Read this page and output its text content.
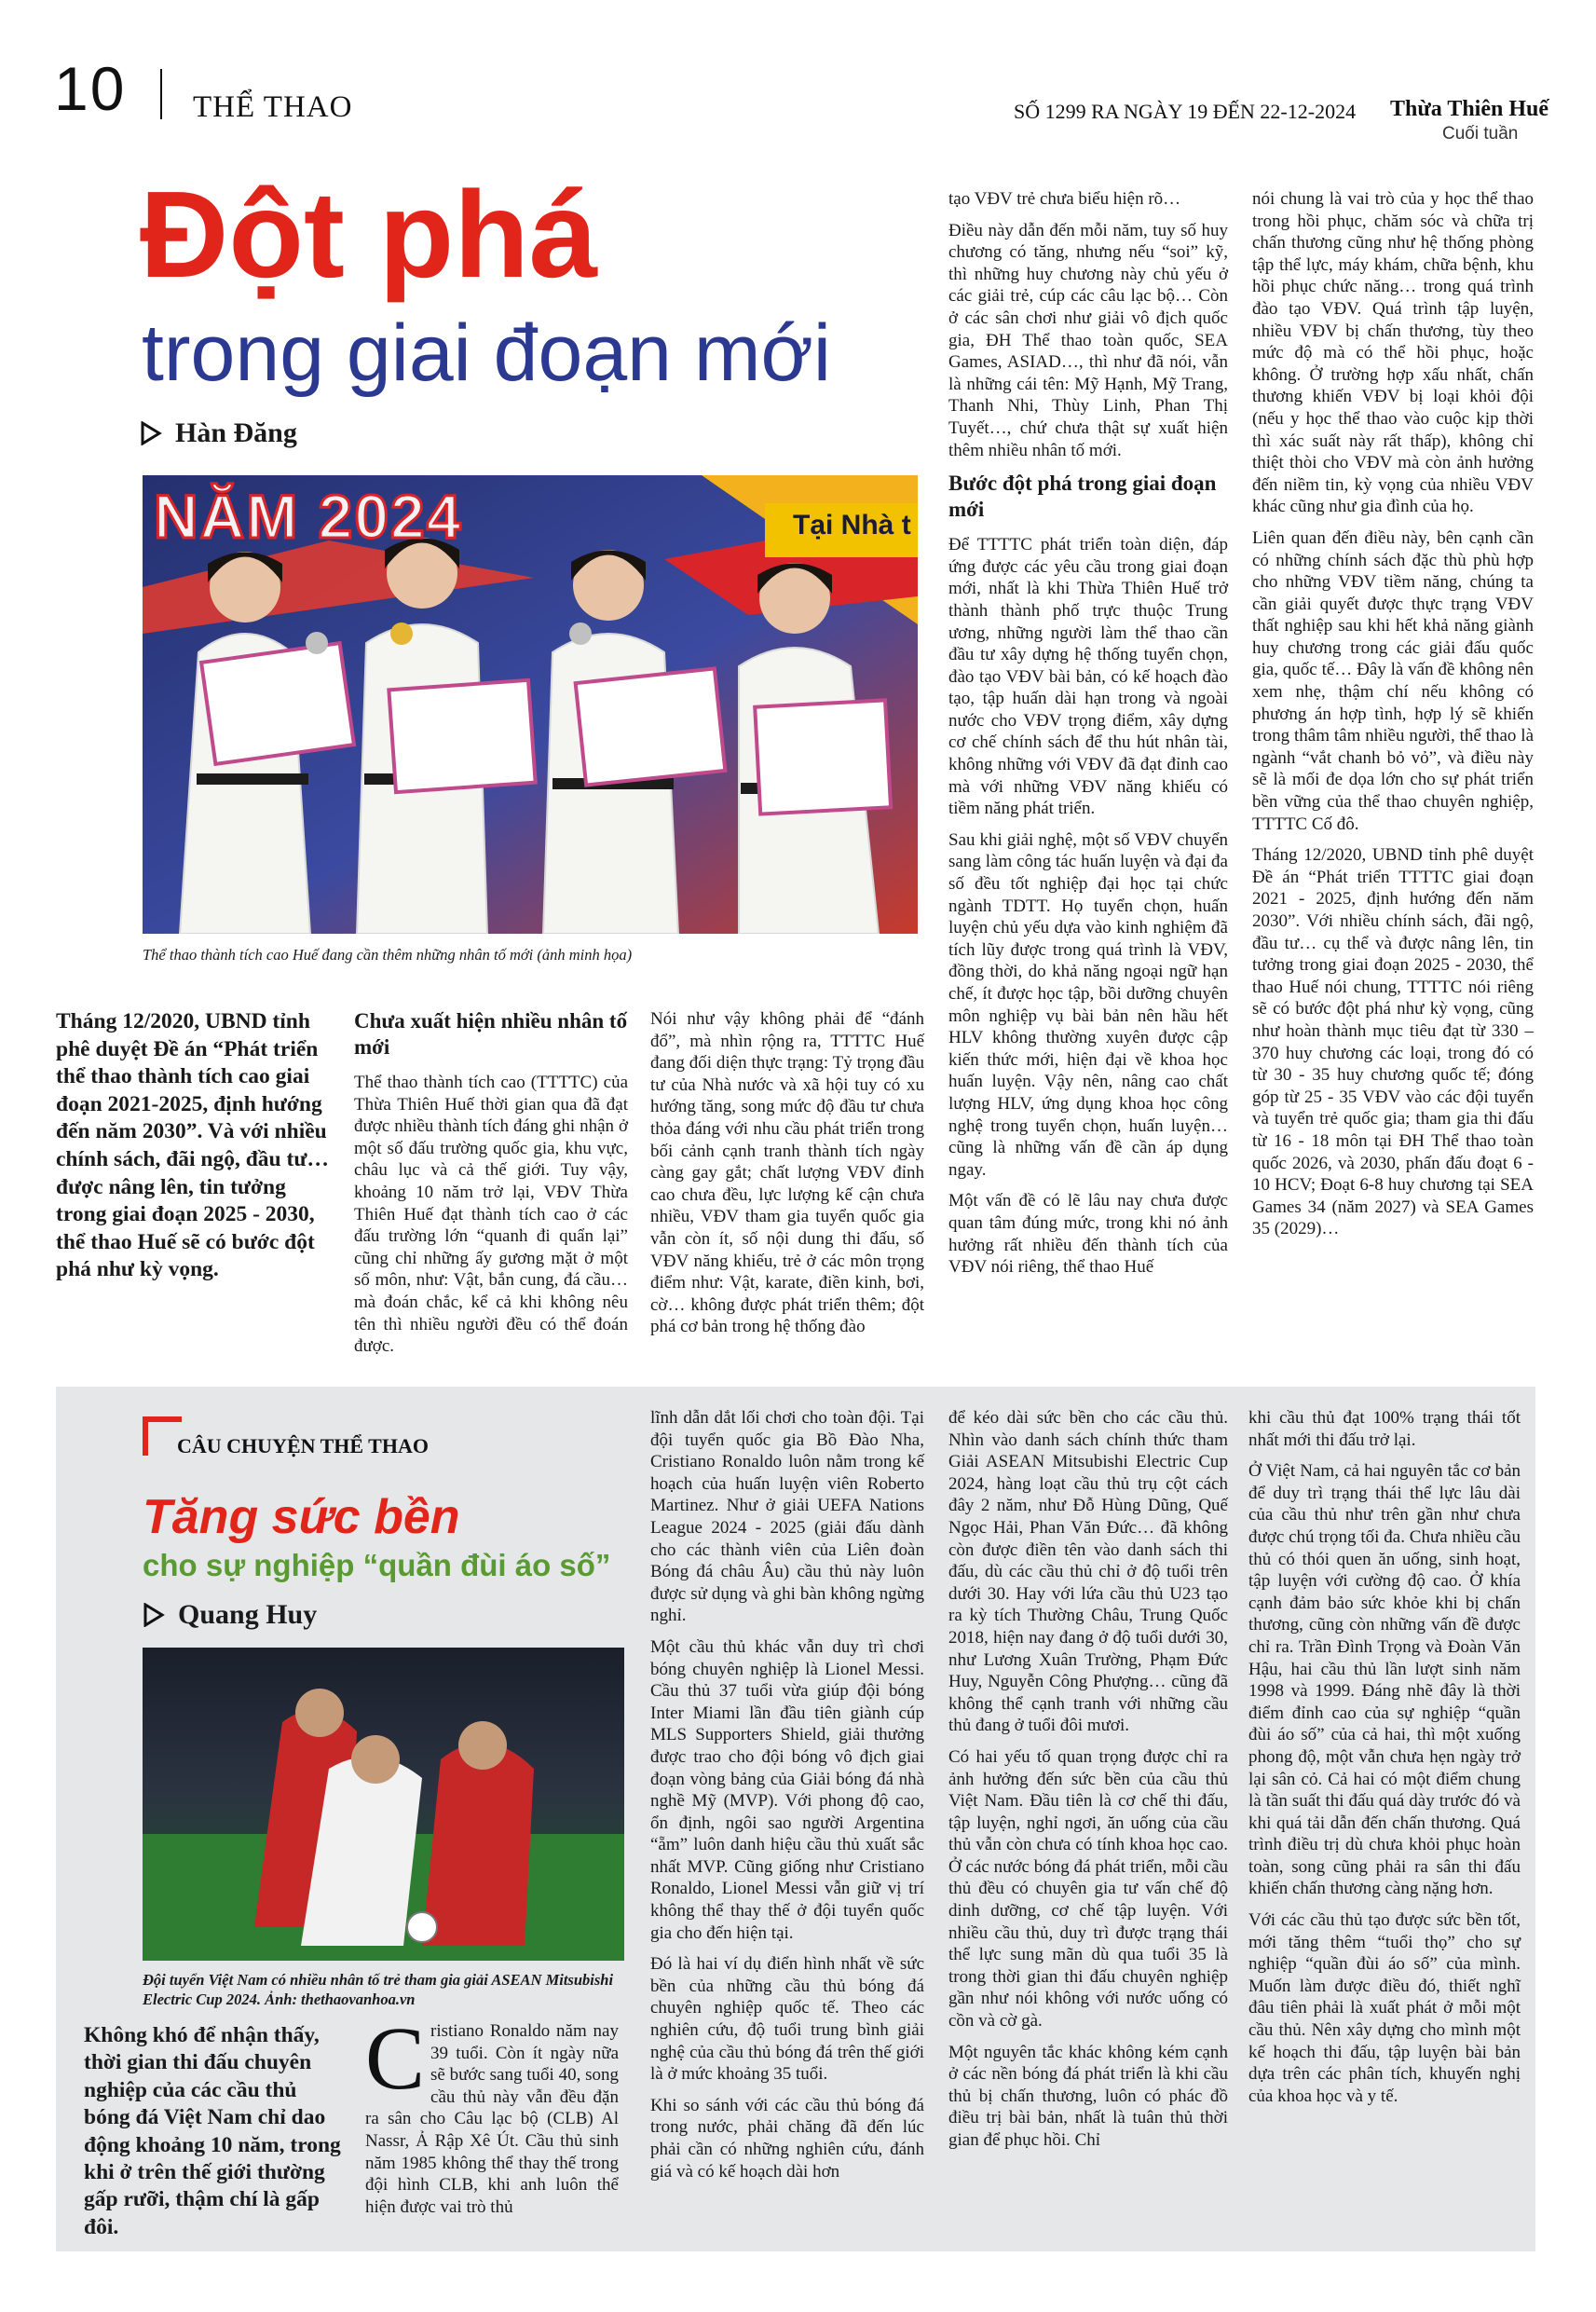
10 THỂ THAO	SỐ 1299 RA NGÀY 19 ĐẾN 22-12-2024 Thừa Thiên Huế
Cuối tuần
Đột phá
trong giai đoạn mới
Hàn Đăng
NĂM 2024	Tại Nhà t
Thể thao thành tích cao Huế đang cần thêm những nhân tố mới (ảnh minh họa)
Tháng 12/2020, UBND tỉnh phê duyệt Đề án “Phát triển thể thao thành tích cao giai đoạn 2021-2025, định hướng đến năm 2030”. Và với nhiều chính sách, đãi ngộ, đầu tư… được nâng lên, tin tưởng trong giai đoạn 2025 - 2030, thể thao Huế sẽ có bước đột phá như kỳ vọng.
Chưa xuất hiện nhiều nhân tố mới

Thể thao thành tích cao (TTTTC) của Thừa Thiên Huế thời gian qua đã đạt được nhiều thành tích đáng ghi nhận ở một số đấu trường quốc gia, khu vực, châu lục và cả thế giới. Tuy vậy, khoảng 10 năm trở lại, VĐV Thừa Thiên Huế đạt thành tích cao ở các đấu trường lớn “quanh đi quẩn lại” cũng chỉ những ấy gương mặt ở một số môn, như: Vật, bắn cung, đá cầu… mà đoán chắc, kể cả khi không nêu tên thì nhiều người đều có thể đoán được.

Nói như vậy không phải để “đánh đổ”, mà nhìn rộng ra, TTTTC Huế đang đối diện thực trạng: Tỷ trọng đầu tư của Nhà nước và xã hội tuy có xu hướng tăng, song mức độ đầu tư chưa thỏa đáng với nhu cầu phát triển trong bối cảnh cạnh tranh thành tích ngày càng gay gắt; chất lượng VĐV đỉnh cao chưa đều, lực lượng kế cận chưa nhiều, VĐV tham gia tuyển quốc gia vẫn còn ít, số nội dung thi đấu, số VĐV năng khiếu, trẻ ở các môn trọng điểm như: Vật, karate, điền kinh, bơi, cờ… không được phát triển thêm; đột phá cơ bản trong hệ thống đào

tạo VĐV trẻ chưa biểu hiện rõ…

Điều này dẫn đến mỗi năm, tuy số huy chương có tăng, nhưng nếu “soi” kỹ, thì những huy chương này chủ yếu ở các giải trẻ, cúp các câu lạc bộ… Còn ở các sân chơi như giải vô địch quốc gia, ĐH Thể thao toàn quốc, SEA Games, ASIAD…, thì như đã nói, vẫn là những cái tên: Mỹ Hạnh, Mỹ Trang, Thanh Nhi, Thùy Linh, Phan Thị Tuyết…, chứ chưa thật sự xuất hiện thêm nhiều nhân tố mới.

Bước đột phá trong giai đoạn mới

Để TTTTC phát triển toàn diện, đáp ứng được các yêu cầu trong giai đoạn mới, nhất là khi Thừa Thiên Huế trở thành thành phố trực thuộc Trung ương, những người làm thể thao cần đầu tư xây dựng hệ thống tuyển chọn, đào tạo VĐV bài bản, có kế hoạch đào tạo, tập huấn dài hạn trong và ngoài nước cho VĐV trọng điểm, xây dựng cơ chế chính sách để thu hút nhân tài, không những với VĐV đã đạt đỉnh cao mà với những VĐV năng khiếu có tiềm năng phát triển.

Sau khi giải nghệ, một số VĐV chuyển sang làm công tác huấn luyện và đại đa số đều tốt nghiệp đại học tại chức ngành TDTT. Họ tuyển chọn, huấn luyện chủ yếu dựa vào kinh nghiệm đã tích lũy được trong quá trình là VĐV, đồng thời, do khả năng ngoại ngữ hạn chế, ít được học tập, bồi dưỡng chuyên môn nghiệp vụ bài bản nên hầu hết HLV không thường xuyên được cập kiến thức mới, hiện đại về khoa học huấn luyện. Vậy nên, nâng cao chất lượng HLV, ứng dụng khoa học công nghệ trong tuyển chọn, huấn luyện… cũng là những vấn đề cần áp dụng ngay.

Một vấn đề có lẽ lâu nay chưa được quan tâm đúng mức, trong khi nó ảnh hưởng rất nhiều đến thành tích của VĐV nói riêng, thể thao Huế

nói chung là vai trò của y học thể thao trong hồi phục, chăm sóc và chữa trị chấn thương cũng như hệ thống phòng tập thể lực, máy khám, chữa bệnh, khu hồi phục chức năng… trong quá trình đào tạo VĐV. Quá trình tập luyện, nhiều VĐV bị chấn thương, tùy theo mức độ mà có thể hồi phục, hoặc không. Ở trường hợp xấu nhất, chấn thương khiến VĐV bị loại khỏi đội (nếu y học thể thao vào cuộc kịp thời thì xác suất này rất thấp), không chỉ thiệt thòi cho VĐV mà còn ảnh hưởng đến niềm tin, kỳ vọng của nhiều VĐV khác cũng như gia đình của họ.

Liên quan đến điều này, bên cạnh cần có những chính sách đặc thù phù hợp cho những VĐV tiềm năng, chúng ta cần giải quyết được thực trạng VĐV thất nghiệp sau khi hết khả năng giành huy chương trong các giải đấu quốc gia, quốc tế… Đây là vấn đề không nên xem nhẹ, thậm chí nếu không có phương án hợp tình, hợp lý sẽ khiến trong thâm tâm nhiều người, thể thao là ngành “vắt chanh bỏ vỏ”, và điều này sẽ là mối đe dọa lớn cho sự phát triển bền vững của thể thao chuyên nghiệp, TTTTC Cố đô.

Tháng 12/2020, UBND tỉnh phê duyệt Đề án “Phát triển TTTTC giai đoạn 2021 - 2025, định hướng đến năm 2030”. Với nhiều chính sách, đãi ngộ, đầu tư… cụ thể và được nâng lên, tin tưởng trong giai đoạn 2025 - 2030, thể thao Huế nói chung, TTTTC nói riêng sẽ có bước đột phá như kỳ vọng, cũng như hoàn thành mục tiêu đạt từ 330 – 370 huy chương các loại, trong đó có từ 30 - 35 huy chương quốc tế; đóng góp từ 25 - 35 VĐV vào các đội tuyển và tuyển trẻ quốc gia; tham gia thi đấu từ 16 - 18 môn tại ĐH Thể thao toàn quốc 2026, và 2030, phấn đấu đoạt 6 - 10 HCV; Đoạt 6-8 huy chương tại SEA Games 34 (năm 2027) và SEA Games 35 (2029)…

CÂU CHUYỆN THỂ THAO
Tăng sức bền
cho sự nghiệp “quần đùi áo số”
Quang Huy
Đội tuyển Việt Nam có nhiều nhân tố trẻ tham gia giải ASEAN Mitsubishi Electric Cup 2024. Ảnh: thethaovanhoa.vn
Không khó để nhận thấy, thời gian thi đấu chuyên nghiệp của các cầu thủ bóng đá Việt Nam chỉ dao động khoảng 10 năm, trong khi ở trên thế giới thường gấp rưỡi, thậm chí là gấp đôi.
C ristiano Ronaldo năm nay 39 tuổi. Còn ít ngày nữa sẽ bước sang tuổi 40, song cầu thủ này vẫn đều đặn ra sân cho Câu lạc bộ (CLB) Al Nassr, Ả Rập Xê Út. Cầu thủ sinh năm 1985 không thể thay thế trong đội hình CLB, khi anh luôn thể hiện được vai trò thủ

lĩnh dẫn dắt lối chơi cho toàn đội. Tại đội tuyển quốc gia Bồ Đào Nha, Cristiano Ronaldo luôn nằm trong kế hoạch của huấn luyện viên Roberto Martinez. Như ở giải UEFA Nations League 2024 - 2025 (giải đấu dành cho các thành viên của Liên đoàn Bóng đá châu Âu) cầu thủ này luôn được sử dụng và ghi bàn không ngừng nghỉ.

Một cầu thủ khác vẫn duy trì chơi bóng chuyên nghiệp là Lionel Messi. Cầu thủ 37 tuổi vừa giúp đội bóng Inter Miami lần đầu tiên giành cúp MLS Supporters Shield, giải thưởng được trao cho đội bóng vô địch giai đoạn vòng bảng của Giải bóng đá nhà nghề Mỹ (MVP). Với phong độ cao, ổn định, ngôi sao người Argentina “ẵm” luôn danh hiệu cầu thủ xuất sắc nhất MVP. Cũng giống như Cristiano Ronaldo, Lionel Messi vẫn giữ vị trí không thể thay thế ở đội tuyển quốc gia cho đến hiện tại.

Đó là hai ví dụ điển hình nhất về sức bền của những cầu thủ bóng đá chuyên nghiệp quốc tế. Theo các nghiên cứu, độ tuổi trung bình giải nghệ của cầu thủ bóng đá trên thế giới là ở mức khoảng 35 tuổi.

Khi so sánh với các cầu thủ bóng đá trong nước, phải chăng đã đến lúc phải cần có những nghiên cứu, đánh giá và có kế hoạch dài hơn

để kéo dài sức bền cho các cầu thủ. Nhìn vào danh sách chính thức tham Giải ASEAN Mitsubishi Electric Cup 2024, hàng loạt cầu thủ trụ cột cách đây 2 năm, như Đỗ Hùng Dũng, Quế Ngọc Hải, Phan Văn Đức… đã không còn được điền tên vào danh sách thi đấu, dù các cầu thủ chỉ ở độ tuổi trên dưới 30. Hay với lứa cầu thủ U23 tạo ra kỳ tích Thường Châu, Trung Quốc 2018, hiện nay đang ở độ tuổi dưới 30, như Lương Xuân Trường, Phạm Đức Huy, Nguyễn Công Phượng… cũng đã không thể cạnh tranh với những cầu thủ đang ở tuổi đôi mươi.

Có hai yếu tố quan trọng được chỉ ra ảnh hưởng đến sức bền của cầu thủ Việt Nam. Đầu tiên là cơ chế thi đấu, tập luyện, nghỉ ngơi, ăn uống của cầu thủ vẫn còn chưa có tính khoa học cao. Ở các nước bóng đá phát triển, mỗi cầu thủ đều có chuyên gia tư vấn chế độ dinh dưỡng, cơ chế tập luyện. Với nhiều cầu thủ, duy trì được trạng thái thể lực sung mãn dù qua tuổi 35 là trong thời gian thi đấu chuyên nghiệp gần như nói không với nước uống có cồn và cờ gà.

Một nguyên tắc khác không kém cạnh ở các nền bóng đá phát triển là khi cầu thủ bị chấn thương, luôn có phác đồ điều trị bài bản, nhất là tuân thủ thời gian để phục hồi. Chỉ

khi cầu thủ đạt 100% trạng thái tốt nhất mới thi đấu trở lại.

Ở Việt Nam, cả hai nguyên tắc cơ bản để duy trì trạng thái thể lực lâu dài của cầu thủ như trên gần như chưa được chú trọng tối đa. Chưa nhiều cầu thủ có thói quen ăn uống, sinh hoạt, tập luyện với cường độ cao. Ở khía cạnh đảm bảo sức khỏe khi bị chấn thương, cũng còn những vấn đề được chỉ ra. Trần Đình Trọng và Đoàn Văn Hậu, hai cầu thủ lần lượt sinh năm 1998 và 1999. Đáng nhẽ đây là thời điểm đỉnh cao của sự nghiệp “quần đùi áo số” của cả hai, thì một xuống phong độ, một vẫn chưa hẹn ngày trở lại sân cỏ. Cả hai có một điểm chung là tần suất thi đấu quá dày trước đó và khi quá tải dẫn đến chấn thương. Quá trình điều trị dù chưa khỏi phục hoàn toàn, song cũng phải ra sân thi đấu khiến chấn thương càng nặng hơn.

Với các cầu thủ tạo được sức bền tốt, mới tăng thêm “tuổi thọ” cho sự nghiệp “quần đùi áo số” của mình. Muốn làm được điều đó, thiết nghĩ đâu tiên phải là xuất phát ở mỗi một cầu thủ. Nên xây dựng cho mình một kế hoạch thi đấu, tập luyện bài bản dựa trên các phân tích, khuyến nghị của khoa học và y tế.
